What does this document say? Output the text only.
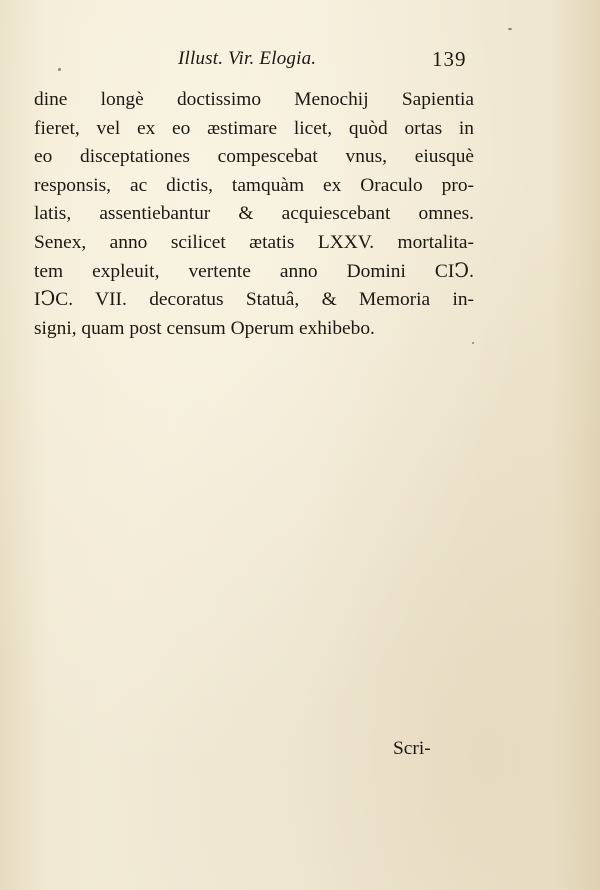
Illust. Vir. Elogia.	139
dine longè doctissimo Menochij Sapientia
fieret, vel ex eo æstimare licet, quòd ortas in
eo disceptationes compescebat vnus, eiusquè
responsis, ac dictis, tamquàm ex Oraculo pro-
latis, assentiebantur & acquiescebant omnes.
Senex, anno scilicet ætatis LXXV. mortalita-
tem expleuit, vertente anno Domini CIↃ.
IↃC. VII. decoratus Statuâ, & Memoria in-
signi, quam post censum Operum exhibebo.
Scri-
